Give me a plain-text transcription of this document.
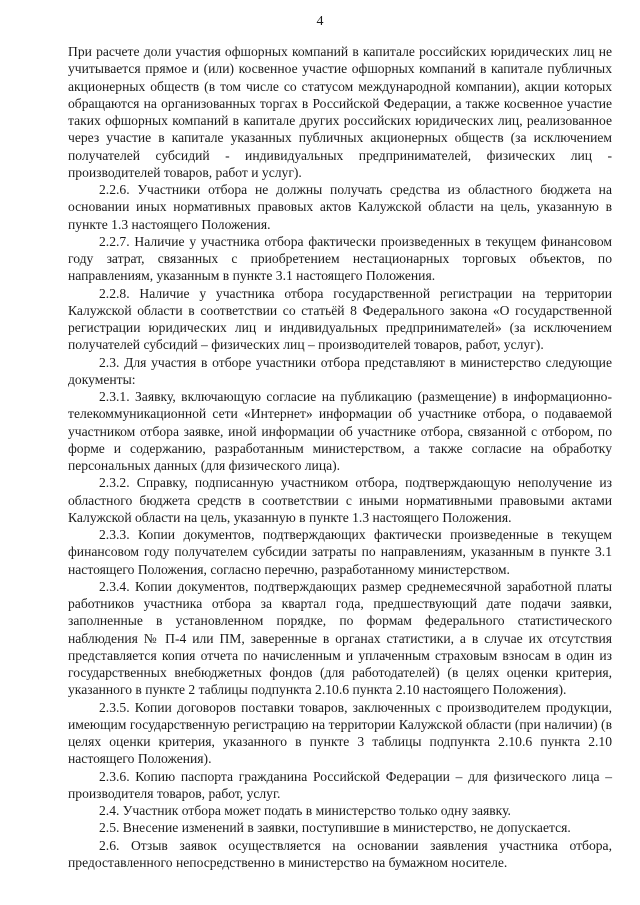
4

При расчете доли участия офшорных компаний в капитале российских юридических лиц не учитывается прямое и (или) косвенное участие офшорных компаний в капитале публичных акционерных обществ (в том числе со статусом международной компании), акции которых обращаются на организованных торгах в Российской Федерации, а также косвенное участие таких офшорных компаний в капитале других российских юридических лиц, реализованное через участие в капитале указанных публичных акционерных обществ (за исключением получателей субсидий - индивидуальных предпринимателей, физических лиц - производителей товаров, работ и услуг).

2.2.6. Участники отбора не должны получать средства из областного бюджета на основании иных нормативных правовых актов Калужской области на цель, указанную в пункте 1.3 настоящего Положения.

2.2.7. Наличие у участника отбора фактически произведенных в текущем финансовом году затрат, связанных с приобретением нестационарных торговых объектов, по направлениям, указанным в пункте 3.1 настоящего Положения.

2.2.8. Наличие у участника отбора государственной регистрации на территории Калужской области в соответствии со статьёй 8 Федерального закона «О государственной регистрации юридических лиц и индивидуальных предпринимателей» (за исключением получателей субсидий – физических лиц – производителей товаров, работ, услуг).

2.3. Для участия в отборе участники отбора представляют в министерство следующие документы:

2.3.1. Заявку, включающую согласие на публикацию (размещение) в информационно-телекоммуникационной сети «Интернет» информации об участнике отбора, о подаваемой участником отбора заявке, иной информации об участнике отбора, связанной с отбором, по форме и содержанию, разработанным министерством, а также согласие на обработку персональных данных (для физического лица).

2.3.2. Справку, подписанную участником отбора, подтверждающую неполучение из областного бюджета средств в соответствии с иными нормативными правовыми актами Калужской области на цель, указанную в пункте 1.3 настоящего Положения.

2.3.3. Копии документов, подтверждающих фактически произведенные в текущем финансовом году получателем субсидии затраты по направлениям, указанным в пункте 3.1 настоящего Положения, согласно перечню, разработанному министерством.

2.3.4. Копии документов, подтверждающих размер среднемесячной заработной платы работников участника отбора за квартал года, предшествующий дате подачи заявки, заполненные в установленном порядке, по формам федерального статистического наблюдения № П-4 или ПМ, заверенные в органах статистики, а в случае их отсутствия представляется копия отчета по начисленным и уплаченным страховым взносам в один из государственных внебюджетных фондов (для работодателей) (в целях оценки критерия, указанного в пункте 2 таблицы подпункта 2.10.6 пункта 2.10 настоящего Положения).

2.3.5. Копии договоров поставки товаров, заключенных с производителем продукции, имеющим государственную регистрацию на территории Калужской области (при наличии) (в целях оценки критерия, указанного в пункте 3 таблицы подпункта 2.10.6 пункта 2.10 настоящего Положения).

2.3.6. Копию паспорта гражданина Российской Федерации – для физического лица – производителя товаров, работ, услуг.

2.4. Участник отбора может подать в министерство только одну заявку.

2.5. Внесение изменений в заявки, поступившие в министерство, не допускается.

2.6. Отзыв заявок осуществляется на основании заявления участника отбора, предоставленного непосредственно в министерство на бумажном носителе.
